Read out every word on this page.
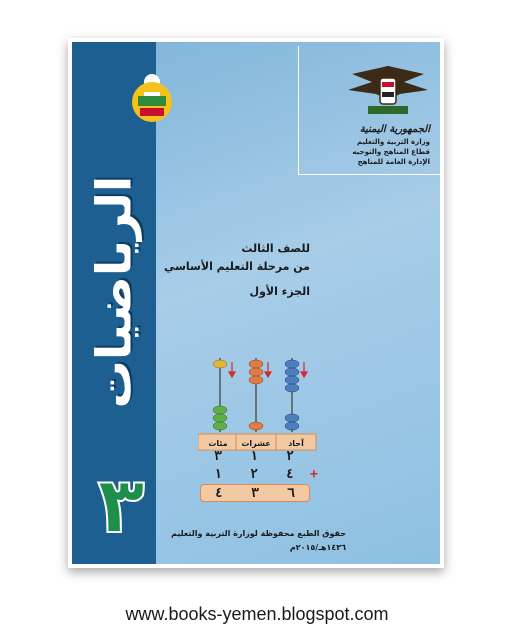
الرياضيات
٣
الجمهورية اليمنية
وزارة التربية والتعليم
قطاع المناهج والتوجيه
الإدارة العامة للمناهج
للصف الثالث
من مرحلة التعليم الأساسي
الجزء الأول
مئات عشرات آحاد
٣ ١ ٢
١ ٢ ٤ +
٤ ٣ ٦
حقوق الطبع محفوظة لوزارة التربية والتعليم
١٤٣٦هـ/٢٠١٥م
www.books-yemen.blogspot.com
